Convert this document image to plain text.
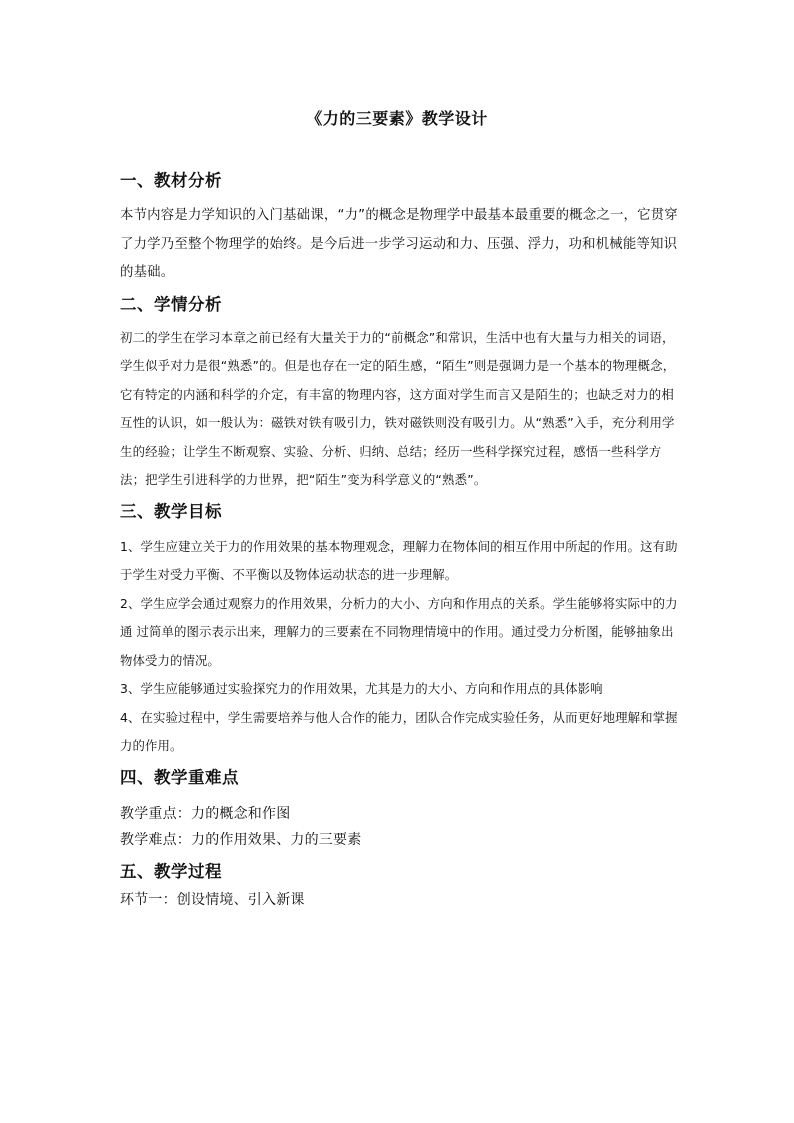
《力的三要素》教学设计
一、教材分析

本节内容是力学知识的入门基础课，“力”的概念是物理学中最基本最重要的概念之一，它贯穿了力学乃至整个物理学的始终。是今后进一步学习运动和力、压强、浮力，功和机械能等知识的基础。

二、学情分析

初二的学生在学习本章之前已经有大量关于力的“前概念”和常识，生活中也有大量与力相关的词语，学生似乎对力是很“熟悉”的。但是也存在一定的陌生感，“陌生”则是强调力是一个基本的物理概念，它有特定的内涵和科学的介定，有丰富的物理内容，这方面对学生而言又是陌生的；也缺乏对力的相互性的认识，如一般认为：磁铁对铁有吸引力，铁对磁铁则没有吸引力。从“熟悉”入手，充分利用学生的经验；让学生不断观察、实验、分析、归纳、总结；经历一些科学探究过程，感悟一些科学方法；把学生引进科学的力世界，把“陌生”变为科学意义的“熟悉”。

三、教学目标

1、学生应建立关于力的作用效果的基本物理观念，理解力在物体间的相互作用中所起的作用。这有助于学生对受力平衡、不平衡以及物体运动状态的进一步理解。

2、学生应学会通过观察力的作用效果，分析力的大小、方向和作用点的关系。学生能够将实际中的力通 过简单的图示表示出来，理解力的三要素在不同物理情境中的作用。通过受力分析图，能够抽象出物体受力的情况。

3、学生应能够通过实验探究力的作用效果，尤其是力的大小、方向和作用点的具体影响

4、在实验过程中，学生需要培养与他人合作的能力，团队合作完成实验任务，从而更好地理解和掌握力的作用。

四、教学重难点

教学重点：力的概念和作图

教学难点：力的作用效果、力的三要素

五、教学过程

环节一：创设情境、引入新课
